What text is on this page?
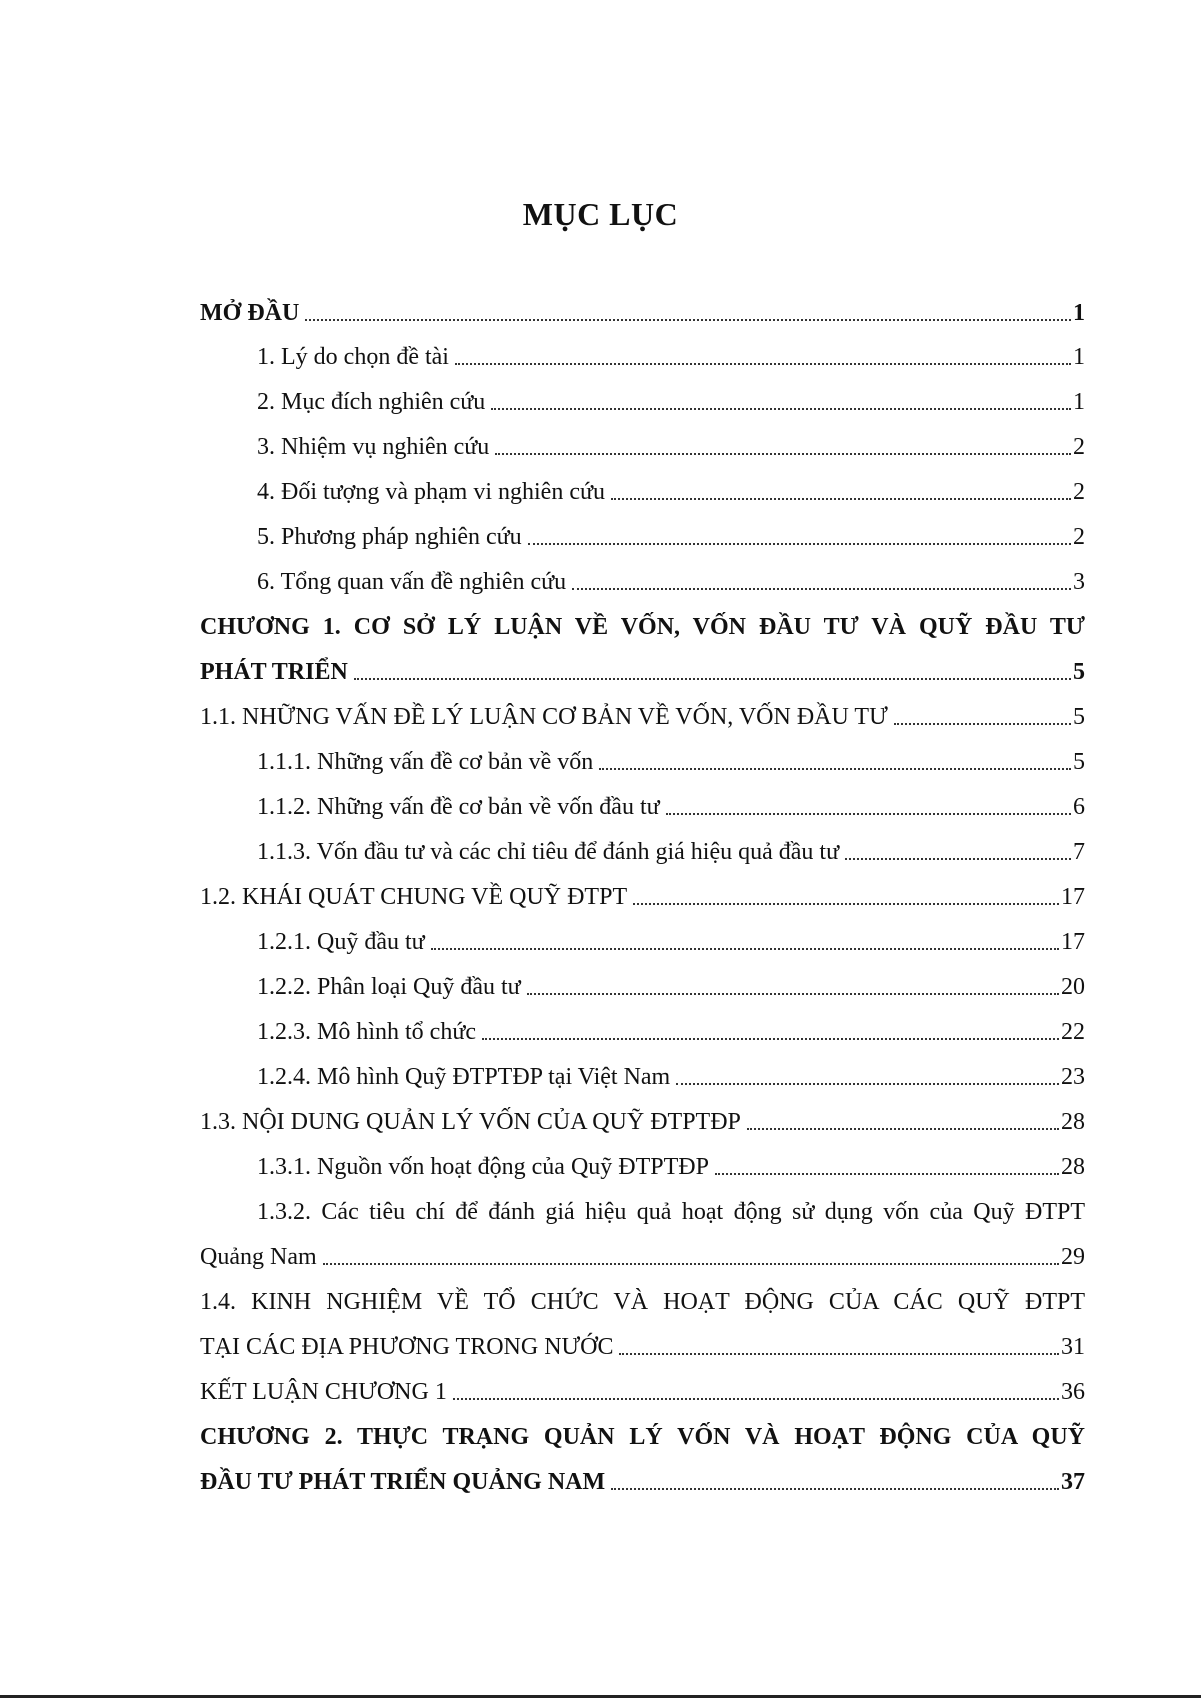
MỤC LỤC
MỞ ĐẦU	1
1. Lý do chọn đề tài	1
2. Mục đích nghiên cứu	1
3. Nhiệm vụ nghiên cứu	2
4. Đối tượng và phạm vi nghiên cứu	2
5. Phương pháp nghiên cứu	2
6. Tổng quan vấn đề nghiên cứu	3
CHƯƠNG 1. CƠ SỞ LÝ LUẬN VỀ VỐN, VỐN ĐẦU TƯ VÀ QUỸ ĐẦU TƯ
PHÁT TRIỂN	5
1.1. NHỮNG VẤN ĐỀ LÝ LUẬN CƠ BẢN VỀ VỐN, VỐN ĐẦU TƯ	5
1.1.1. Những vấn đề cơ bản về vốn	5
1.1.2. Những vấn đề cơ bản về vốn đầu tư	6
1.1.3. Vốn đầu tư và các chỉ tiêu để đánh giá hiệu quả đầu tư	7
1.2. KHÁI QUÁT CHUNG VỀ QUỸ ĐTPT	17
1.2.1. Quỹ đầu tư	17
1.2.2. Phân loại Quỹ đầu tư	20
1.2.3. Mô hình tổ chức	22
1.2.4. Mô hình Quỹ ĐTPTĐP tại Việt Nam	23
1.3. NỘI DUNG QUẢN LÝ VỐN CỦA QUỸ ĐTPTĐP	28
1.3.1. Nguồn vốn hoạt động của Quỹ ĐTPTĐP	28
1.3.2. Các tiêu chí để đánh giá hiệu quả hoạt động sử dụng vốn của Quỹ ĐTPT
Quảng Nam	29
1.4. KINH NGHIỆM VỀ TỔ CHỨC VÀ HOẠT ĐỘNG CỦA CÁC QUỸ ĐTPT
TẠI CÁC ĐỊA PHƯƠNG TRONG NƯỚC	31
KẾT LUẬN CHƯƠNG 1	36
CHƯƠNG 2. THỰC TRẠNG QUẢN LÝ VỐN VÀ HOẠT ĐỘNG CỦA QUỸ
ĐẦU TƯ PHÁT TRIỂN QUẢNG NAM	37
